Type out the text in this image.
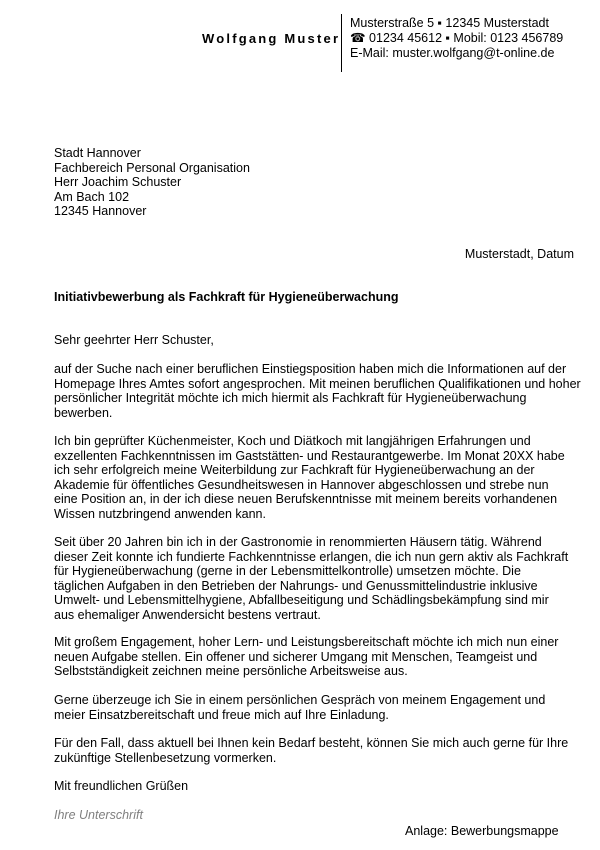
Wolfgang Muster
Musterstraße 5 ▪ 12345 Musterstadt
☎ 01234 45612 ▪ Mobil: 0123 456789
E-Mail: muster.wolfgang@t-online.de
Stadt Hannover
Fachbereich Personal Organisation
Herr Joachim Schuster
Am Bach 102
12345 Hannover
Musterstadt, Datum
Initiativbewerbung als Fachkraft für Hygieneüberwachung
Sehr geehrter Herr Schuster,
auf der Suche nach einer beruflichen Einstiegsposition haben mich die Informationen auf der
Homepage Ihres Amtes sofort angesprochen. Mit meinen beruflichen Qualifikationen und hoher
persönlicher Integrität möchte ich mich hiermit als Fachkraft für Hygieneüberwachung
bewerben.
Ich bin geprüfter Küchenmeister, Koch und Diätkoch mit langjährigen Erfahrungen und
exzellenten Fachkenntnissen im Gaststätten- und Restaurantgewerbe. Im Monat 20XX habe
ich sehr erfolgreich meine Weiterbildung zur Fachkraft für Hygieneüberwachung an der
Akademie für öffentliches Gesundheitswesen in Hannover abgeschlossen und strebe nun
eine Position an, in der ich diese neuen Berufskenntnisse mit meinem bereits vorhandenen
Wissen nutzbringend anwenden kann.
Seit über 20 Jahren bin ich in der Gastronomie in renommierten Häusern tätig. Während
dieser Zeit konnte ich fundierte Fachkenntnisse erlangen, die ich nun gern aktiv als Fachkraft
für Hygieneüberwachung (gerne in der Lebensmittelkontrolle) umsetzen möchte. Die
täglichen Aufgaben in den Betrieben der Nahrungs- und Genussmittelindustrie inklusive
Umwelt- und Lebensmittelhygiene, Abfallbeseitigung und Schädlingsbekämpfung sind mir
aus ehemaliger Anwendersicht bestens vertraut.
Mit großem Engagement, hoher Lern- und Leistungsbereitschaft möchte ich mich nun einer
neuen Aufgabe stellen. Ein offener und sicherer Umgang mit Menschen, Teamgeist und
Selbstständigkeit zeichnen meine persönliche Arbeitsweise aus.
Gerne überzeuge ich Sie in einem persönlichen Gespräch von meinem Engagement und
meier Einsatzbereitschaft und freue mich auf Ihre Einladung.
Für den Fall, dass aktuell bei Ihnen kein Bedarf besteht, können Sie mich auch gerne für Ihre
zukünftige Stellenbesetzung vormerken.
Mit freundlichen Grüßen
Ihre Unterschrift
Anlage: Bewerbungsmappe
